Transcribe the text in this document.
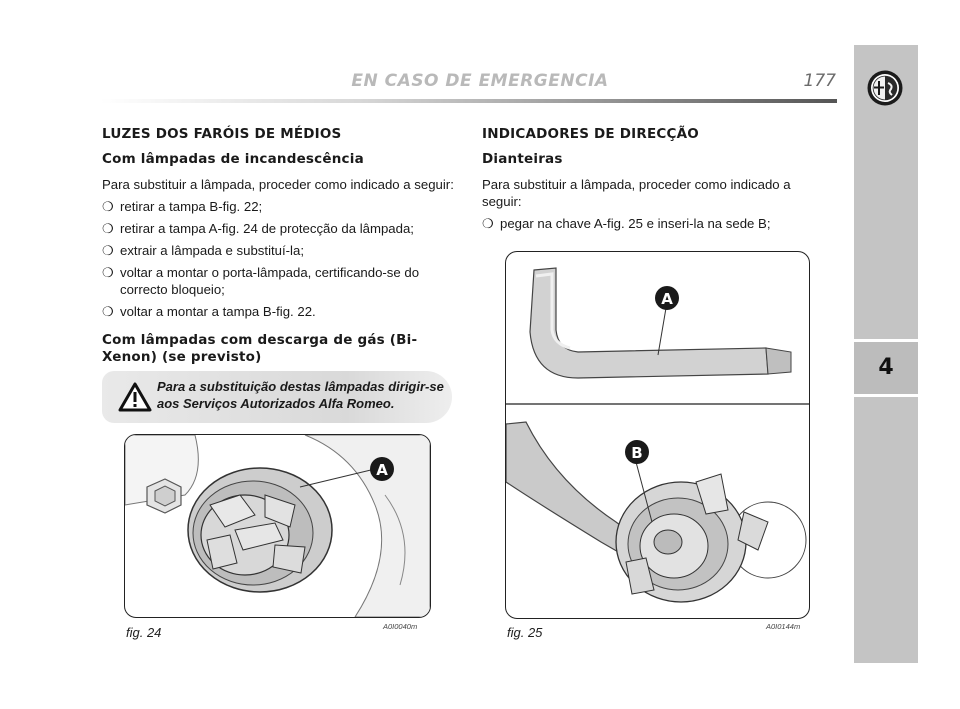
EN CASO DE EMERGENCIA	177
4
LUZES DOS FARÓIS DE MÉDIOS
Com lâmpadas de incandescência
Para substituir a lâmpada, proceder como indicado a seguir:
❍ retirar a tampa B-fig. 22;
❍ retirar a tampa A-fig. 24 de protecção da lâmpada;
❍ extrair a lâmpada e substituí-la;
❍ voltar a montar o porta-lâmpada, certificando-se do correcto bloqueio;
❍ voltar a montar a tampa B-fig. 22.
Com lâmpadas com descarga de gás (Bi-Xenon) (se previsto)
Para a substituição destas lâmpadas dirigir-se aos Serviços Autorizados Alfa Romeo.
INDICADORES DE DIRECÇÃO
Dianteiras
Para substituir a lâmpada, proceder como indicado a seguir:
❍ pegar na chave A-fig. 25 e inseri-la na sede B;
A
fig. 24	A0I0040m
A
B
fig. 25	A0I0144m
